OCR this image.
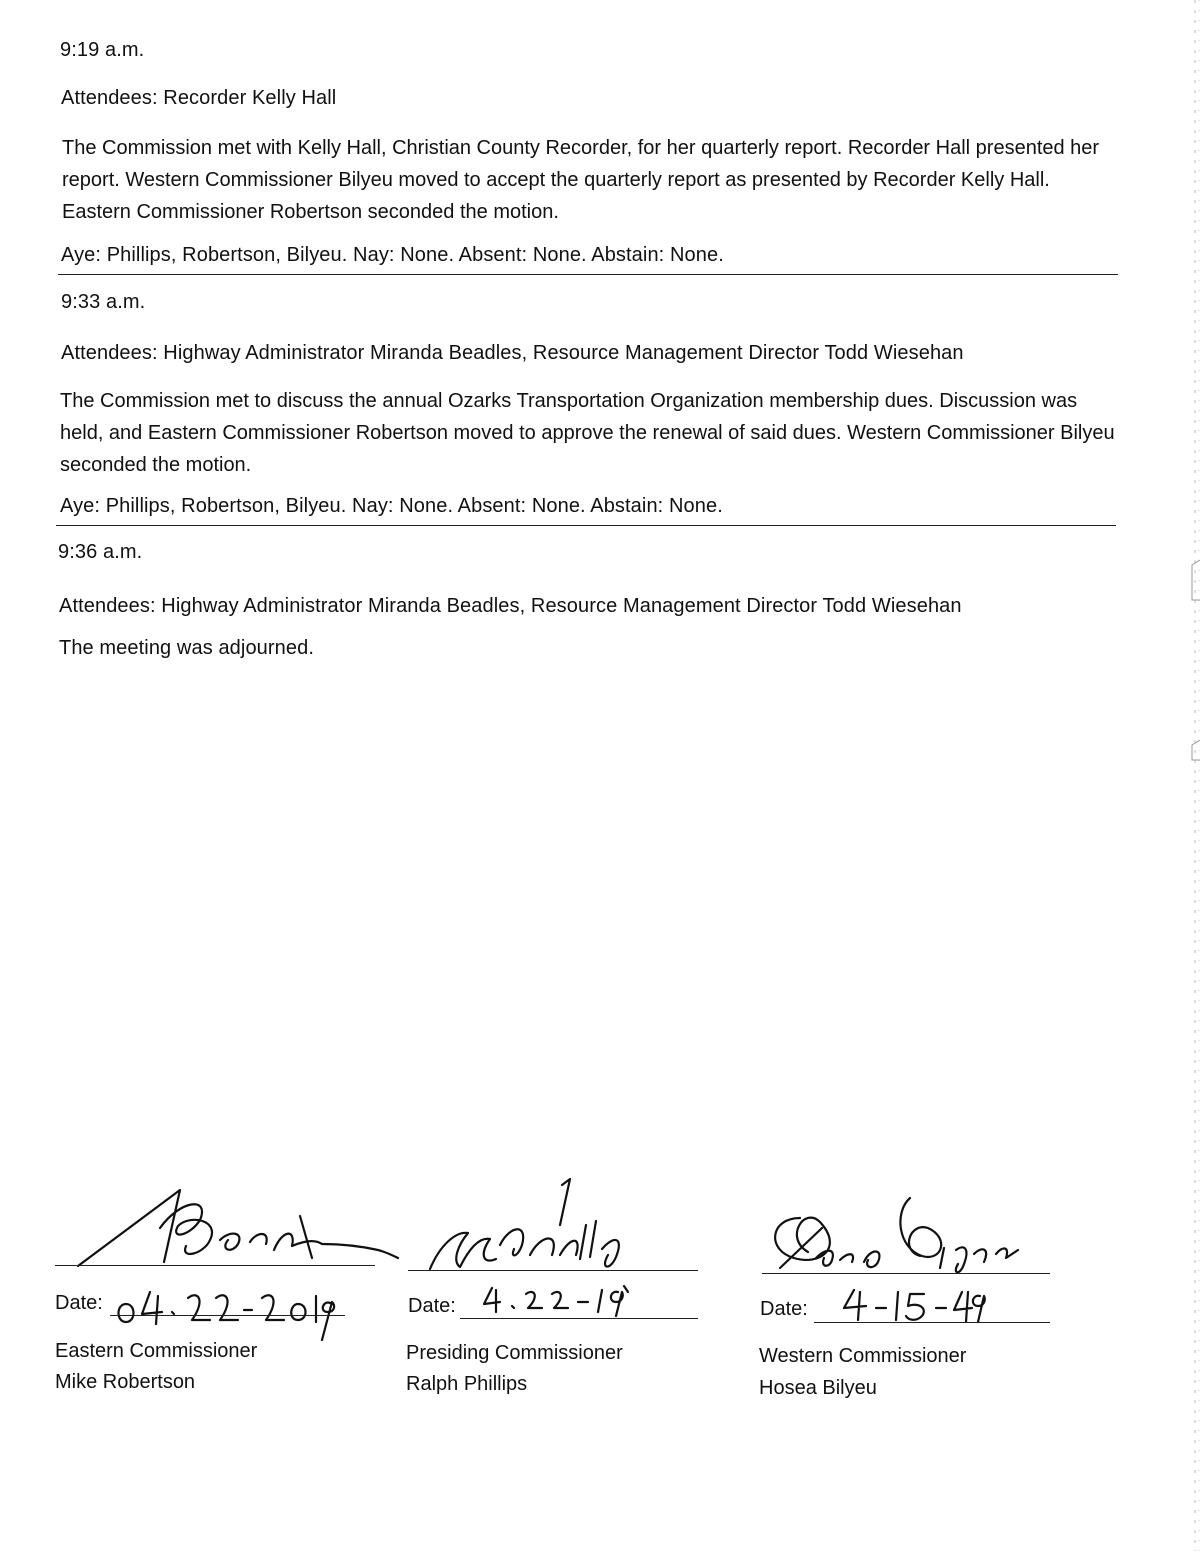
9:19 a.m.
Attendees: Recorder Kelly Hall
The Commission met with Kelly Hall, Christian County Recorder, for her quarterly report. Recorder Hall presented her report. Western Commissioner Bilyeu moved to accept the quarterly report as presented by Recorder Kelly Hall. Eastern Commissioner Robertson seconded the motion.
Aye: Phillips, Robertson, Bilyeu. Nay: None. Absent: None. Abstain: None.
9:33 a.m.
Attendees: Highway Administrator Miranda Beadles, Resource Management Director Todd Wiesehan
The Commission met to discuss the annual Ozarks Transportation Organization membership dues. Discussion was held, and Eastern Commissioner Robertson moved to approve the renewal of said dues. Western Commissioner Bilyeu seconded the motion.
Aye: Phillips, Robertson, Bilyeu. Nay: None. Absent: None. Abstain: None.
9:36 a.m.
Attendees: Highway Administrator Miranda Beadles, Resource Management Director Todd Wiesehan
The meeting was adjourned.
Date:
Eastern Commissioner
Mike Robertson
Date:
Presiding Commissioner
Ralph Phillips
Date:
Western Commissioner
Hosea Bilyeu
